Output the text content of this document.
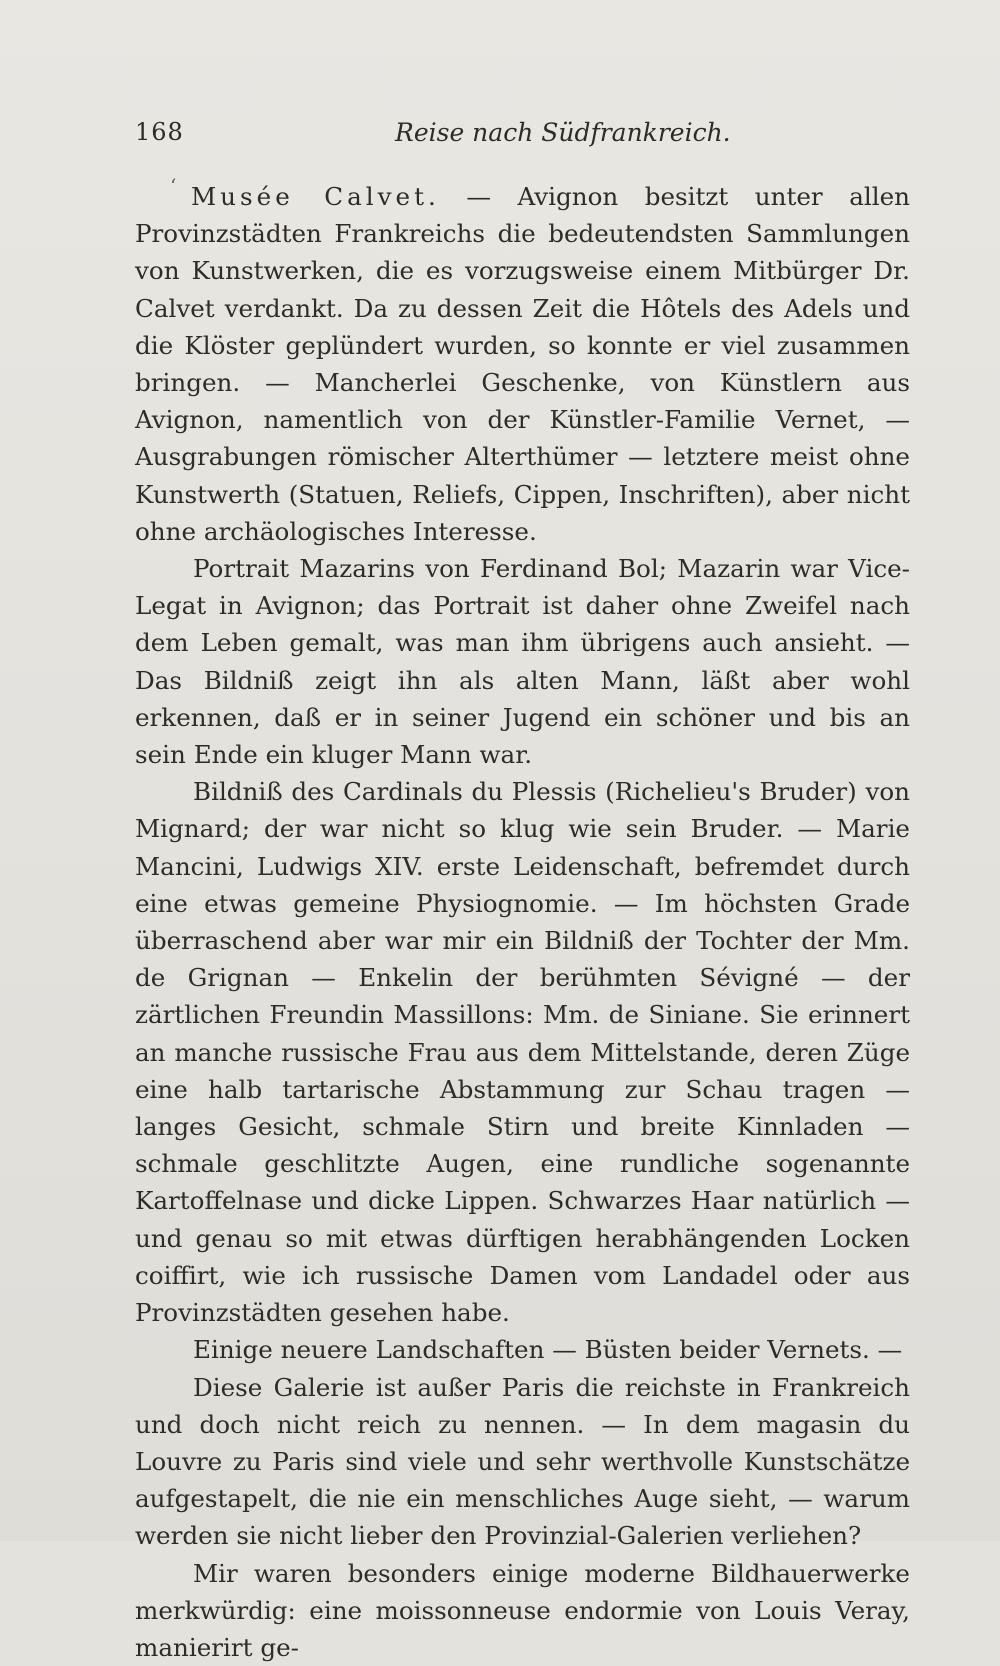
168	Reise nach Südfrankreich.
‘ Musée Calvet. — Avignon besitzt unter allen Provinzstädten Frankreichs die bedeutendsten Sammlungen von Kunstwerken, die es vorzugsweise einem Mitbürger Dr. Calvet verdankt. Da zu dessen Zeit die Hôtels des Adels und die Klöster geplündert wurden, so konnte er viel zusammen bringen. — Mancherlei Geschenke, von Künstlern aus Avignon, namentlich von der Künstler-Familie Vernet, — Ausgrabungen römischer Alterthümer — letztere meist ohne Kunstwerth (Statuen, Reliefs, Cippen, Inschriften), aber nicht ohne archäologisches Interesse.

Portrait Mazarins von Ferdinand Bol; Mazarin war Vice-Legat in Avignon; das Portrait ist daher ohne Zweifel nach dem Leben gemalt, was man ihm übrigens auch ansieht. — Das Bildniß zeigt ihn als alten Mann, läßt aber wohl erkennen, daß er in seiner Jugend ein schöner und bis an sein Ende ein kluger Mann war.

Bildniß des Cardinals du Plessis (Richelieu's Bruder) von Mignard; der war nicht so klug wie sein Bruder. — Marie Mancini, Ludwigs XIV. erste Leidenschaft, befremdet durch eine etwas gemeine Physiognomie. — Im höchsten Grade überraschend aber war mir ein Bildniß der Tochter der Mm. de Grignan — Enkelin der berühmten Sévigné — der zärtlichen Freundin Massillons: Mm. de Siniane. Sie erinnert an manche russische Frau aus dem Mittelstande, deren Züge eine halb tartarische Abstammung zur Schau tragen — langes Gesicht, schmale Stirn und breite Kinnladen — schmale geschlitzte Augen, eine rundliche sogenannte Kartoffelnase und dicke Lippen. Schwarzes Haar natürlich — und genau so mit etwas dürftigen herabhängenden Locken coiffirt, wie ich russische Damen vom Landadel oder aus Provinzstädten gesehen habe.

Einige neuere Landschaften — Büsten beider Vernets. —

Diese Galerie ist außer Paris die reichste in Frankreich und doch nicht reich zu nennen. — In dem magasin du Louvre zu Paris sind viele und sehr werthvolle Kunstschätze aufgestapelt, die nie ein menschliches Auge sieht, — warum werden sie nicht lieber den Provinzial-Galerien verliehen?

Mir waren besonders einige moderne Bildhauerwerke merkwürdig: eine moissonneuse endormie von Louis Veray, manierirt ge-
